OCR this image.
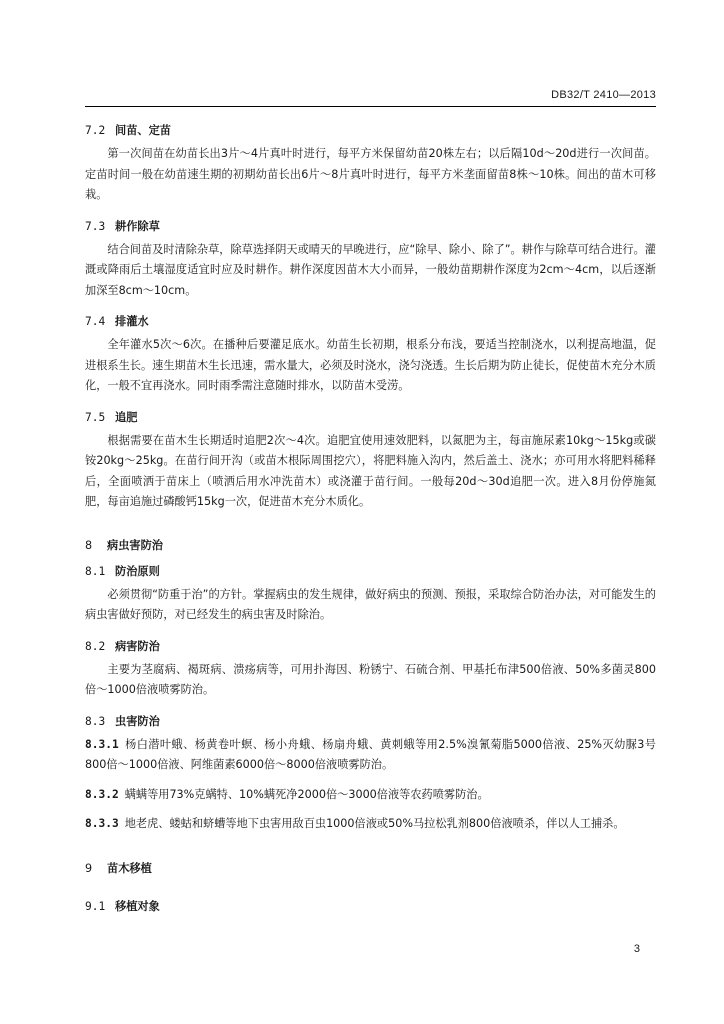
DB32/T 2410—2013
7.2 间苗、定苗

第一次间苗在幼苗长出3片～4片真叶时进行，每平方米保留幼苗20株左右；以后隔10d～20d进行一次间苗。定苗时间一般在幼苗速生期的初期幼苗长出6片～8片真叶时进行，每平方米垄面留苗8株～10株。间出的苗木可移栽。

7.3 耕作除草

结合间苗及时清除杂草，除草选择阴天或晴天的早晚进行，应“除早、除小、除了”。耕作与除草可结合进行。灌溉或降雨后土壤湿度适宜时应及时耕作。耕作深度因苗木大小而异，一般幼苗期耕作深度为2cm～4cm，以后逐渐加深至8cm～10cm。

7.4 排灌水

全年灌水5次～6次。在播种后要灌足底水。幼苗生长初期，根系分布浅，要适当控制浇水，以利提高地温，促进根系生长。速生期苗木生长迅速，需水量大，必须及时浇水，浇匀浇透。生长后期为防止徒长，促使苗木充分木质化，一般不宜再浇水。同时雨季需注意随时排水，以防苗木受涝。

7.5 追肥

根据需要在苗木生长期适时追肥2次～4次。追肥宜使用速效肥料，以氮肥为主，每亩施尿素10kg～15kg或碳铵20kg～25kg。在苗行间开沟（或苗木根际周围挖穴），将肥料施入沟内，然后盖土、浇水；亦可用水将肥料稀释后，全面喷洒于苗床上（喷洒后用水冲洗苗木）或浇灌于苗行间。一般每20d～30d追肥一次。进入8月份停施氮肥，每亩追施过磷酸钙15kg一次，促进苗木充分木质化。

8 病虫害防治
8.1 防治原则

必须贯彻“防重于治”的方针。掌握病虫的发生规律，做好病虫的预测、预报，采取综合防治办法，对可能发生的病虫害做好预防，对已经发生的病虫害及时除治。

8.2 病害防治

主要为茎腐病、褐斑病、溃疡病等，可用扑海因、粉锈宁、石硫合剂、甲基托布津500倍液、50%多菌灵800倍～1000倍液喷雾防治。

8.3 虫害防治

8.3.1 杨白潜叶蛾、杨黄卷叶螟、杨小舟蛾、杨扇舟蛾、黄刺蛾等用2.5%溴氰菊脂5000倍液、25%灭幼脲3号800倍～1000倍液、阿维菌素6000倍～8000倍液喷雾防治。

8.3.2 螨螨等用73%克螨特、10%螨死净2000倍～3000倍液等农药喷雾防治。

8.3.3 地老虎、蝼蛄和蛴螬等地下虫害用敌百虫1000倍液或50%马拉松乳剂800倍液喷杀，伴以人工捕杀。

9 苗木移植
9.1 移植对象
3
